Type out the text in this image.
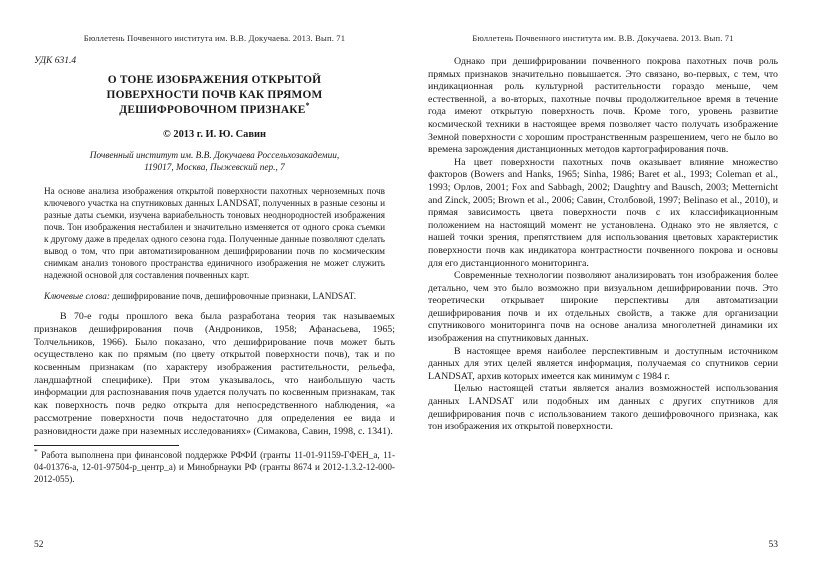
Бюллетень Почвенного института им. В.В. Докучаева. 2013. Вып. 71
УДК 631.4
О ТОНЕ ИЗОБРАЖЕНИЯ ОТКРЫТОЙ
ПОВЕРХНОСТИ ПОЧВ КАК ПРЯМОМ
ДЕШИФРОВОЧНОМ ПРИЗНАКЕ*
© 2013 г. И. Ю. Савин
Почвенный институт им. В.В. Докучаева Россельхозакадемии,
119017, Москва, Пыжевский пер., 7
На основе анализа изображения открытой поверхности пахотных черноземных почв ключевого участка на спутниковых данных LANDSAT, полученных в разные сезоны и разные даты съемки, изучена вариабельность тоновых неоднородностей изображения почв. Тон изображения нестабилен и значительно изменяется от одного срока съемки к другому даже в пределах одного сезона года. Полученные данные позволяют сделать вывод о том, что при автоматизированном дешифрировании почв по космическим снимкам анализ тонового пространства единичного изображения не может служить надежной основой для составления почвенных карт.
Ключевые слова: дешифрирование почв, дешифровочные признаки, LANDSAT.

В 70-е годы прошлого века была разработана теория так называемых признаков дешифрирования почв (Андроников, 1958; Афанасьева, 1965; Толчельников, 1966). Было показано, что дешифрирование почв может быть осуществлено как по прямым (по цвету открытой поверхности почв), так и по косвенным признакам (по характеру изображения растительности, рельефа, ландшафтной специфике). При этом указывалось, что наибольшую часть информации для распознавания почв удается получать по косвенным признакам, так как поверхность почв редко открыта для непосредственного наблюдения, «а рассмотрение поверхности почв недостаточно для определения ее вида и разновидности даже при наземных исследованиях» (Симакова, Савин, 1998, с. 1341).

* Работа выполнена при финансовой поддержке РФФИ (гранты 11-01-91159-ГФЕН_а, 11-04-01376-а, 12-01-97504-р_центр_а) и Минобрнауки РФ (гранты 8674 и 2012-1.3.2-12-000-2012-055).
52
Бюллетень Почвенного института им. В.В. Докучаева. 2013. Вып. 71

Однако при дешифрировании почвенного покрова пахотных почв роль прямых признаков значительно повышается. Это связано, во-первых, с тем, что индикационная роль культурной растительности гораздо меньше, чем естественной, а во-вторых, пахотные почвы продолжительное время в течение года имеют открытую поверхность почв. Кроме того, уровень развитие космической техники в настоящее время позволяет часто получать изображение Земной поверхности с хорошим пространственным разрешением, чего не было во времена зарождения дистанционных методов картографирования почв.

На цвет поверхности пахотных почв оказывает влияние множество факторов (Bowers and Hanks, 1965; Sinha, 1986; Baret et al., 1993; Coleman et al., 1993; Орлов, 2001; Fox and Sabbagh, 2002; Daughtry and Bausch, 2003; Metternicht and Zinck, 2005; Brown et al., 2006; Савин, Столбовой, 1997; Belinaso et al., 2010), и прямая зависимость цвета поверхности почв с их классификационным положением на настоящий момент не установлена. Однако это не является, с нашей точки зрения, препятствием для использования цветовых характеристик поверхности почв как индикатора контрастности почвенного покрова и основы для его дистанционного мониторинга.

Современные технологии позволяют анализировать тон изображения более детально, чем это было возможно при визуальном дешифрировании почв. Это теоретически открывает широкие перспективы для автоматизации дешифрирования почв и их отдельных свойств, а также для организации спутникового мониторинга почв на основе анализа многолетней динамики их изображения на спутниковых данных.

В настоящее время наиболее перспективным и доступным источником данных для этих целей является информация, получаемая со спутников серии LANDSAT, архив которых имеется как минимум с 1984 г.

Целью настоящей статьи является анализ возможностей использования данных LANDSAT или подобных им данных с других спутников для дешифрирования почв с использованием такого дешифровочного признака, как тон изображения их открытой поверхности.

53
